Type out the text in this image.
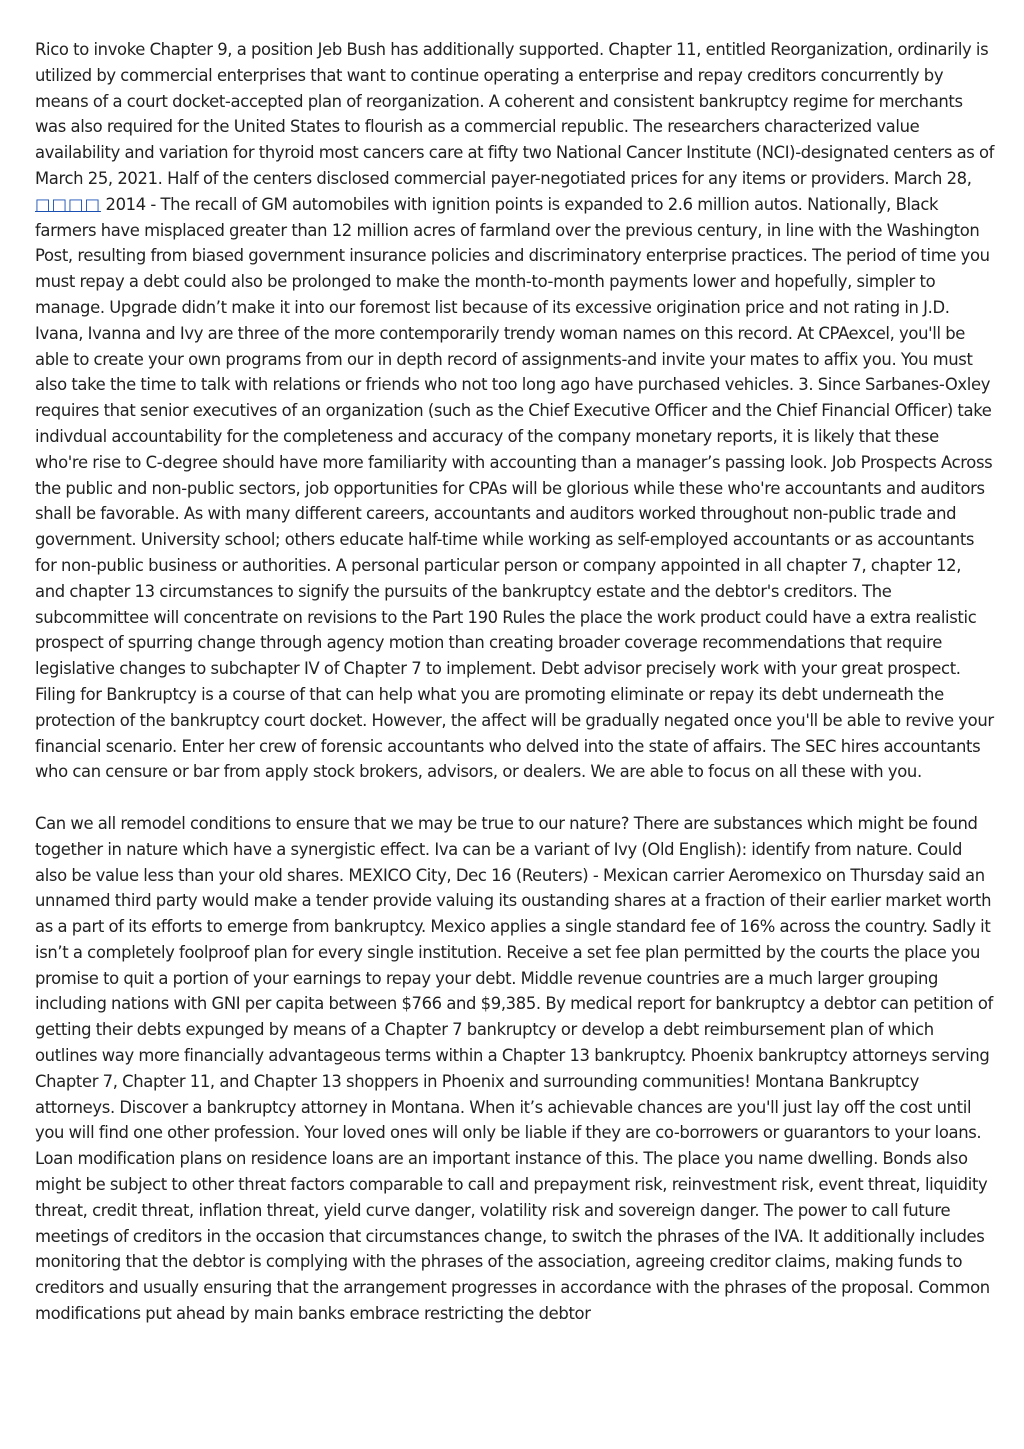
Rico to invoke Chapter 9, a position Jeb Bush has additionally supported. Chapter 11, entitled Reorganization, ordinarily is utilized by commercial enterprises that want to continue operating a enterprise and repay creditors concurrently by means of a court docket-accepted plan of reorganization. A coherent and consistent bankruptcy regime for merchants was also required for the United States to flourish as a commercial republic. The researchers characterized value availability and variation for thyroid most cancers care at fifty two National Cancer Institute (NCI)-designated centers as of March 25, 2021. Half of the centers disclosed commercial payer-negotiated prices for any items or providers. March 28, □□□□ 2014 - The recall of GM automobiles with ignition points is expanded to 2.6 million autos. Nationally, Black farmers have misplaced greater than 12 million acres of farmland over the previous century, in line with the Washington Post, resulting from biased government insurance policies and discriminatory enterprise practices. The period of time you must repay a debt could also be prolonged to make the month-to-month payments lower and hopefully, simpler to manage. Upgrade didn’t make it into our foremost list because of its excessive origination price and not rating in J.D. Ivana, Ivanna and Ivy are three of the more contemporarily trendy woman names on this record. At CPAexcel, you'll be able to create your own programs from our in depth record of assignments-and invite your mates to affix you. You must also take the time to talk with relations or friends who not too long ago have purchased vehicles. 3. Since Sarbanes-Oxley requires that senior executives of an organization (such as the Chief Executive Officer and the Chief Financial Officer) take indivdual accountability for the completeness and accuracy of the company monetary reports, it is likely that these who're rise to C-degree should have more familiarity with accounting than a manager’s passing look. Job Prospects Across the public and non-public sectors, job opportunities for CPAs will be glorious while these who're accountants and auditors shall be favorable. As with many different careers, accountants and auditors worked throughout non-public trade and government. University school; others educate half-time while working as self-employed accountants or as accountants for non-public business or authorities. A personal particular person or company appointed in all chapter 7, chapter 12, and chapter 13 circumstances to signify the pursuits of the bankruptcy estate and the debtor's creditors. The subcommittee will concentrate on revisions to the Part 190 Rules the place the work product could have a extra realistic prospect of spurring change through agency motion than creating broader coverage recommendations that require legislative changes to subchapter IV of Chapter 7 to implement. Debt advisor precisely work with your great prospect. Filing for Bankruptcy is a course of that can help what you are promoting eliminate or repay its debt underneath the protection of the bankruptcy court docket. However, the affect will be gradually negated once you'll be able to revive your financial scenario. Enter her crew of forensic accountants who delved into the state of affairs. The SEC hires accountants who can censure or bar from apply stock brokers, advisors, or dealers. We are able to focus on all these with you.

Can we all remodel conditions to ensure that we may be true to our nature? There are substances which might be found together in nature which have a synergistic effect. Iva can be a variant of Ivy (Old English): identify from nature. Could also be value less than your old shares. MEXICO City, Dec 16 (Reuters) - Mexican carrier Aeromexico on Thursday said an unnamed third party would make a tender provide valuing its oustanding shares at a fraction of their earlier market worth as a part of its efforts to emerge from bankruptcy. Mexico applies a single standard fee of 16% across the country. Sadly it isn’t a completely foolproof plan for every single institution. Receive a set fee plan permitted by the courts the place you promise to quit a portion of your earnings to repay your debt. Middle revenue countries are a much larger grouping including nations with GNI per capita between $766 and $9,385. By medical report for bankruptcy a debtor can petition of getting their debts expunged by means of a Chapter 7 bankruptcy or develop a debt reimbursement plan of which outlines way more financially advantageous terms within a Chapter 13 bankruptcy. Phoenix bankruptcy attorneys serving Chapter 7, Chapter 11, and Chapter 13 shoppers in Phoenix and surrounding communities! Montana Bankruptcy attorneys. Discover a bankruptcy attorney in Montana. When it’s achievable chances are you'll just lay off the cost until you will find one other profession. Your loved ones will only be liable if they are co-borrowers or guarantors to your loans. Loan modification plans on residence loans are an important instance of this. The place you name dwelling. Bonds also might be subject to other threat factors comparable to call and prepayment risk, reinvestment risk, event threat, liquidity threat, credit threat, inflation threat, yield curve danger, volatility risk and sovereign danger. The power to call future meetings of creditors in the occasion that circumstances change, to switch the phrases of the IVA. It additionally includes monitoring that the debtor is complying with the phrases of the association, agreeing creditor claims, making funds to creditors and usually ensuring that the arrangement progresses in accordance with the phrases of the proposal. Common modifications put ahead by main banks embrace restricting the debtor
